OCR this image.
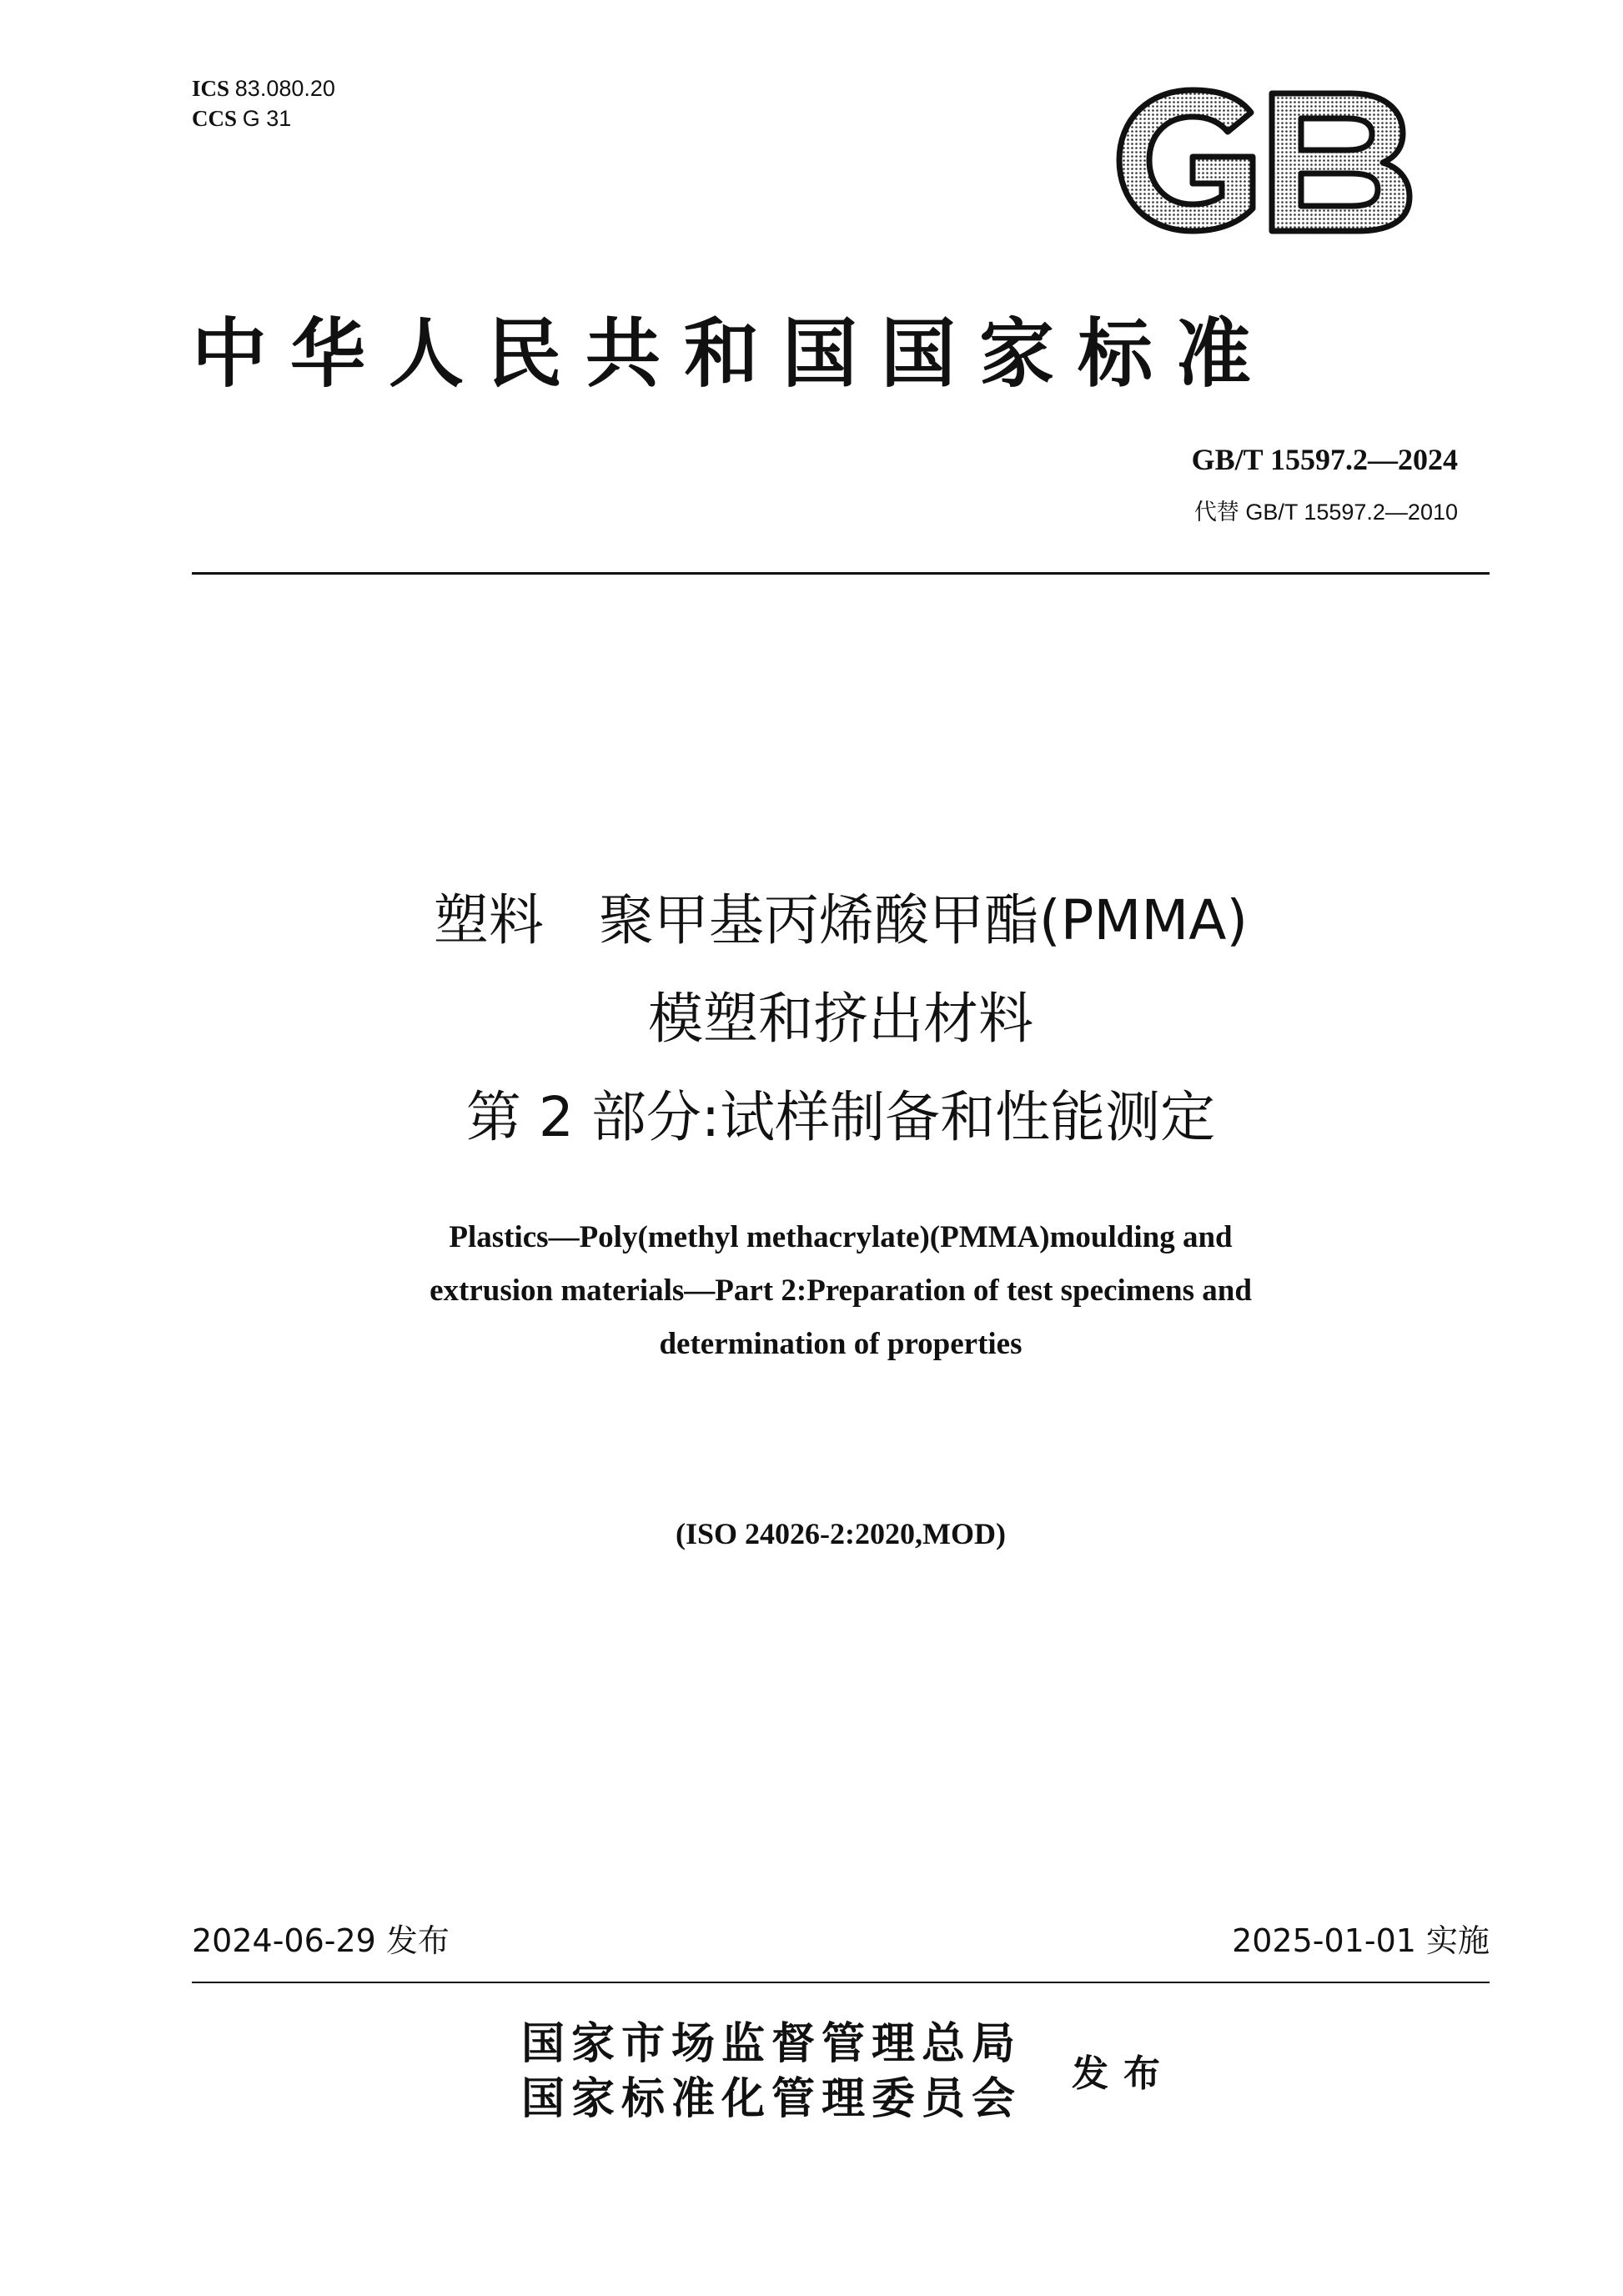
ICS 83.080.20
CCS G 31
中华人民共和国国家标准
GB/T 15597.2—2024
代替 GB/T 15597.2—2010
塑料　聚甲基丙烯酸甲酯(PMMA)
模塑和挤出材料
第 2 部分:试样制备和性能测定
Plastics—Poly(methyl methacrylate)(PMMA)moulding and
extrusion materials—Part 2:Preparation of test specimens and
determination of properties
(ISO 24026-2:2020,MOD)
2024-06-29 发布	2025-01-01 实施
国家市场监督管理总局
国家标准化管理委员会
发布
